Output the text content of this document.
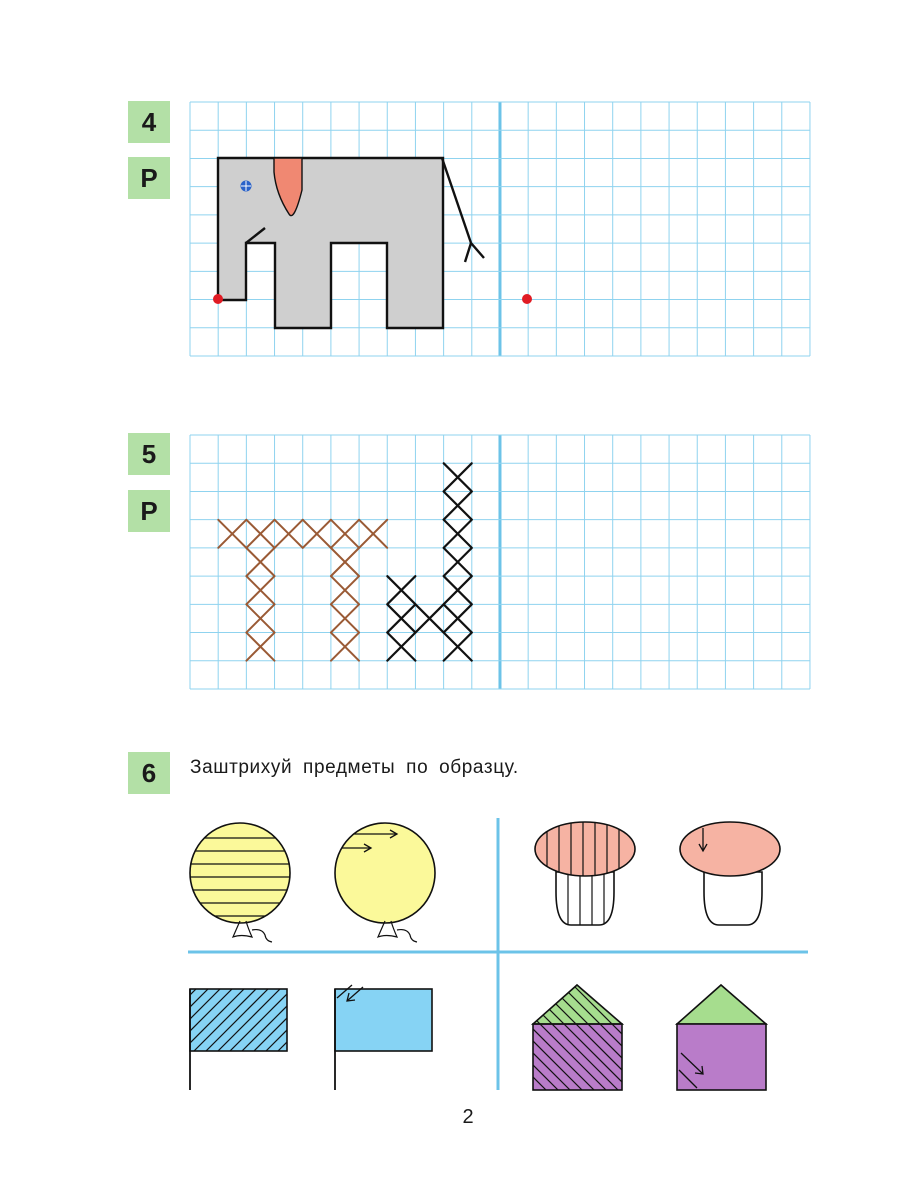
4
Р
5
Р
6	Заштрихуй предметы по образцу.
2
